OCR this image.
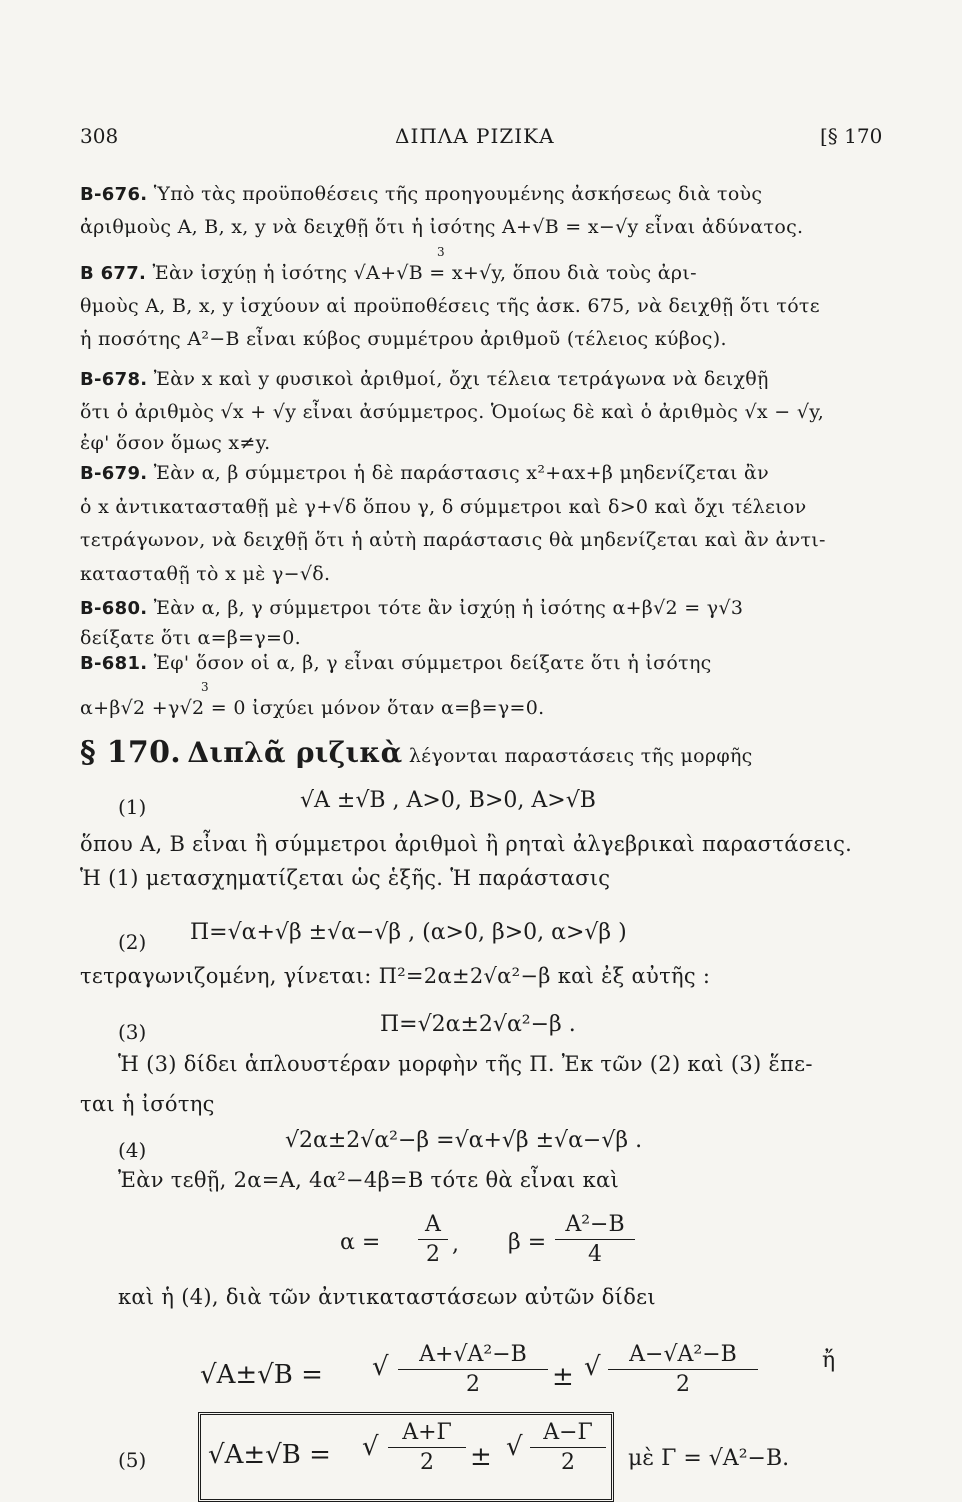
308	ΔΙΠΛΑ ΡΙΖΙΚΑ	[§ 170
Β-676. Ὑπὸ τὰς προϋποθέσεις τῆς προηγουμένης ἀσκήσεως διὰ τοὺς
ἀριθμοὺς Α, Β, x, y νὰ δειχθῇ ὅτι ἡ ἰσότης Α+√Β = x−√y εἶναι ἀδύνατος.
3
Β 677. Ἐὰν ἰσχύῃ ἡ ἰσότης √Α+√Β = x+√y, ὅπου διὰ τοὺς ἀρι-
θμοὺς Α, Β, x, y ἰσχύουν αἱ προϋποθέσεις τῆς ἀσκ. 675, νὰ δειχθῇ ὅτι τότε
ἡ ποσότης Α²−Β εἶναι κύβος συμμέτρου ἀριθμοῦ (τέλειος κύβος).
Β-678. Ἐὰν x καὶ y φυσικοὶ ἀριθμοί, ὄχι τέλεια τετράγωνα νὰ δειχθῇ
ὅτι ὁ ἀριθμὸς √x + √y εἶναι ἀσύμμετρος. Ὁμοίως δὲ καὶ ὁ ἀριθμὸς √x − √y,
ἐφ' ὅσον ὅμως x≠y.
Β-679. Ἐὰν α, β σύμμετροι ἡ δὲ παράστασις x²+αx+β μηδενίζεται ἂν
ὁ x ἀντικατασταθῇ μὲ γ+√δ ὅπου γ, δ σύμμετροι καὶ δ>0 καὶ ὄχι τέλειον
τετράγωνον, νὰ δειχθῇ ὅτι ἡ αὐτὴ παράστασις θὰ μηδενίζεται καὶ ἂν ἀντι-
κατασταθῇ τὸ x μὲ γ−√δ.
Β-680. Ἐὰν α, β, γ σύμμετροι τότε ἂν ἰσχύῃ ἡ ἰσότης α+β√2 = γ√3
δείξατε ὅτι α=β=γ=0.
Β-681. Ἐφ' ὅσον οἱ α, β, γ εἶναι σύμμετροι δείξατε ὅτι ἡ ἰσότης
3
α+β√2 +γ√2 = 0 ἰσχύει μόνον ὅταν α=β=γ=0.
§ 170. Διπλᾶ ριζικὰ λέγονται παραστάσεις τῆς μορφῆς
(1)	√Α ±√Β , Α>0, Β>0, Α>√Β
ὅπου Α, Β εἶναι ἢ σύμμετροι ἀριθμοὶ ἢ ρηταὶ ἀλγεβρικαὶ παραστάσεις.
Ἡ (1) μετασχηματίζεται ὡς ἑξῆς. Ἡ παράστασις
(2) Π=√α+√β ±√α−√β , (α>0, β>0, α>√β )
τετραγωνιζομένη, γίνεται: Π²=2α±2√α²−β καὶ ἐξ αὐτῆς :
(3)	Π=√2α±2√α²−β .
Ἡ (3) δίδει ἁπλουστέραν μορφὴν τῆς Π. Ἐκ τῶν (2) καὶ (3) ἕπε-
ται ἡ ἰσότης
(4)	√2α±2√α²−β =√α+√β ±√α−√β .
Ἐὰν τεθῇ, 2α=Α, 4α²−4β=Β τότε θὰ εἶναι καὶ
α =
Α
2 , β =
Α²−Β
4
καὶ ἡ (4), διὰ τῶν ἀντικαταστάσεων αὐτῶν δίδει
√Α±√Β = √	Α+√Α²−Β
2	± √	Α−√Α²−Β
2
ἤ
(5) √Α±√Β = √	Α+Γ
2	± √ Α−Γ
2	μὲ Γ = √Α²−Β.
